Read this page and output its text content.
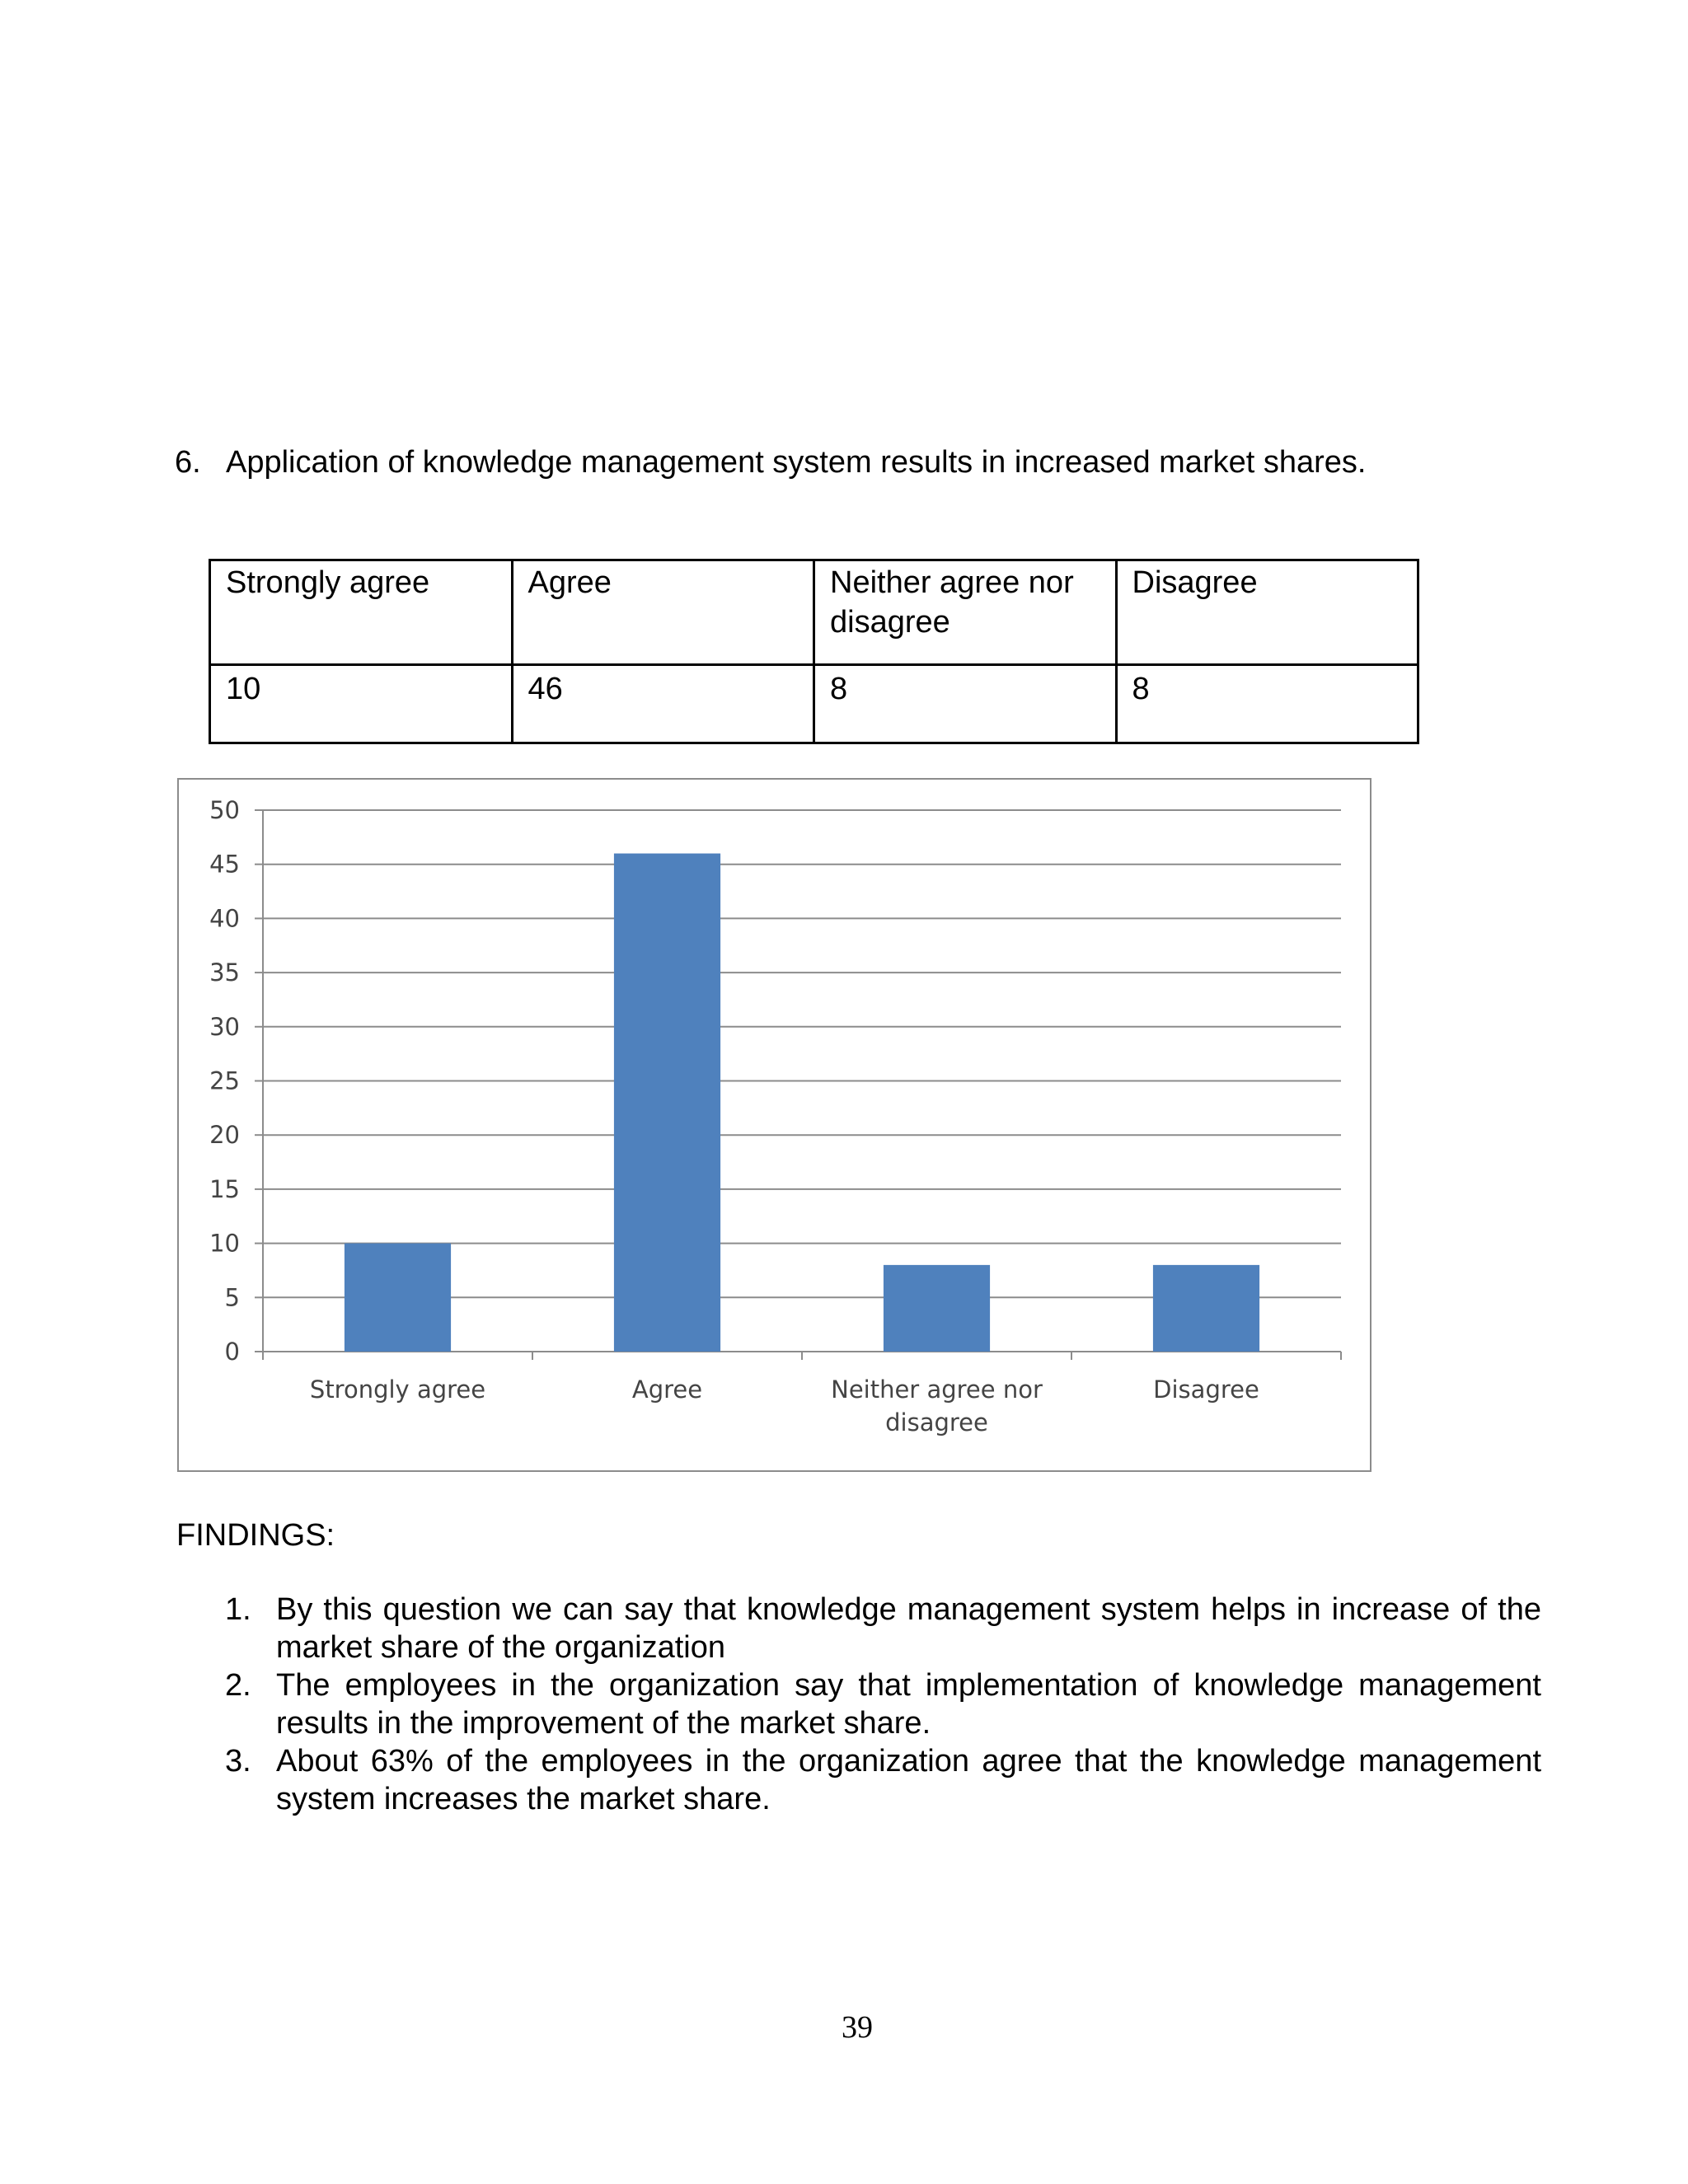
6. Application of knowledge management system results in increased market shares.
Strongly agree	Agree	Neither agree nor disagree	Disagree
10	46	8	8
0
5
10
15
20
25
30
35
40
45
50
Strongly agree	Agree	Neither agree nor disagree
Disagree
FINDINGS:
1. By this question we can say that knowledge management system helps in increase of the market share of the organization
2. The employees in the organization say that implementation of knowledge management results in the improvement of the market share.
3. About 63% of the employees in the organization agree that the knowledge management system increases the market share.
39
